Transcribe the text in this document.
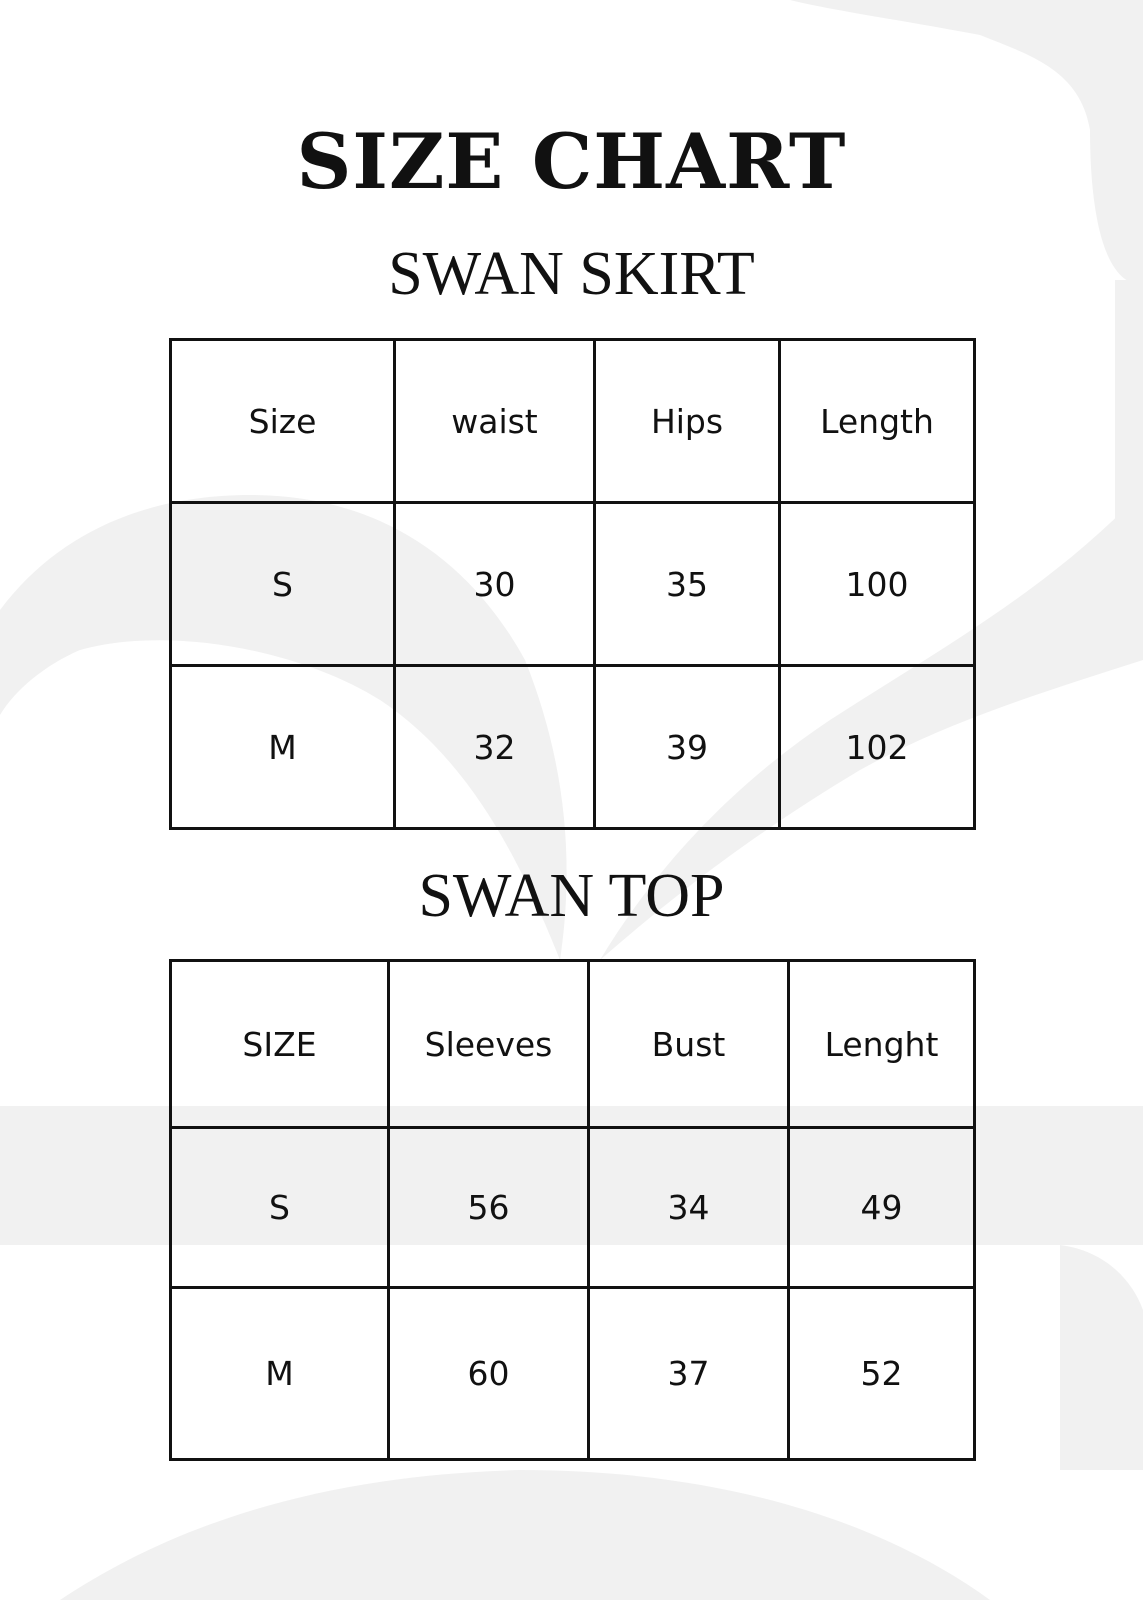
SIZE CHART
SWAN SKIRT
Size	waist	Hips	Length
S	30	35	100
M	32	39	102
SWAN TOP
SIZE	Sleeves	Bust	Lenght
S	56	34	49
M	60	37	52
